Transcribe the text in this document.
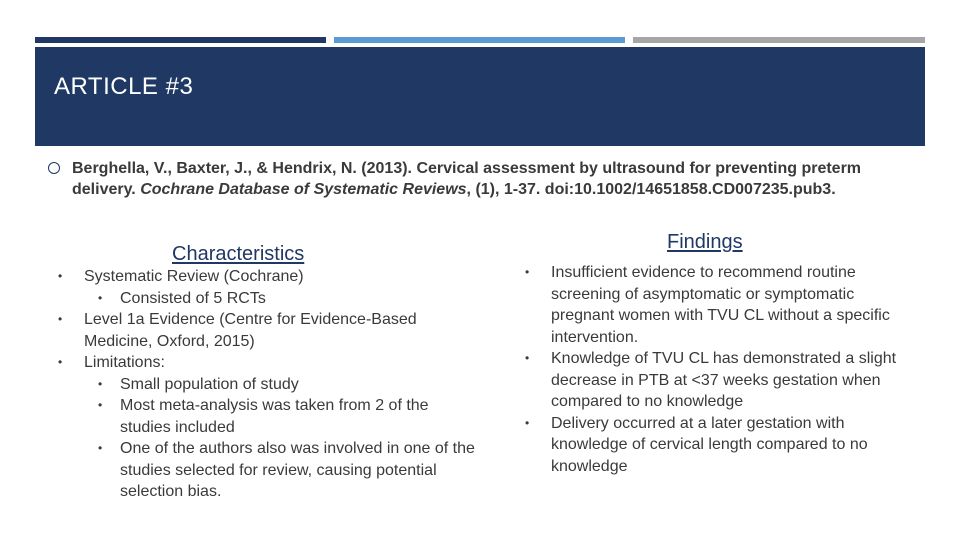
ARTICLE #3
Berghella, V., Baxter, J., & Hendrix, N. (2013). Cervical assessment by ultrasound for preventing preterm delivery. Cochrane Database of Systematic Reviews, (1), 1-37. doi:10.1002/14651858.CD007235.pub3.
Characteristics
Findings
• Systematic Review (Cochrane)
• Consisted of 5 RCTs
• Level 1a Evidence (Centre for Evidence-Based Medicine, Oxford, 2015)
• Limitations:
• Small population of study
• Most meta-analysis was taken from 2 of the studies included
• One of the authors also was involved in one of the studies selected for review, causing potential selection bias.
• Insufficient evidence to recommend routine screening of asymptomatic or symptomatic pregnant women with TVU CL without a specific intervention.
• Knowledge of TVU CL has demonstrated a slight decrease in PTB at <37 weeks gestation when compared to no knowledge
• Delivery occurred at a later gestation with knowledge of cervical length compared to no knowledge
